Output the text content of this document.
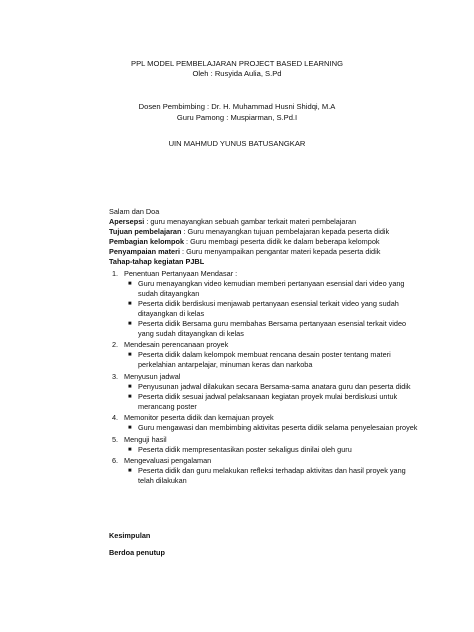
PPL MODEL PEMBELAJARAN PROJECT BASED LEARNING
Oleh : Rusyida Aulia, S.Pd
Dosen Pembimbing : Dr. H. Muhammad Husni Shidqi, M.A
Guru Pamong : Muspiarman, S.Pd.I
UIN MAHMUD YUNUS BATUSANGKAR
Salam dan Doa
Apersepsi : guru menayangkan sebuah gambar terkait materi pembelajaran
Tujuan pembelajaran : Guru menayangkan tujuan pembelajaran kepada peserta didik
Pembagian kelompok : Guru membagi peserta didik ke dalam beberapa kelompok
Penyampaian materi : Guru menyampaikan pengantar materi kepada peserta didik
Tahap-tahap kegiatan PJBL
1. Penentuan Pertanyaan Mendasar :
■ Guru menayangkan video kemudian memberi pertanyaan esensial dari video yang sudah ditayangkan
■ Peserta didik berdiskusi menjawab pertanyaan esensial terkait video yang sudah ditayangkan di kelas
■ Peserta didik Bersama guru membahas Bersama pertanyaan esensial terkait video yang sudah ditayangkan di kelas
2. Mendesain perencanaan proyek
■ Peserta didik dalam kelompok membuat rencana desain poster tentang materi perkelahian antarpelajar, minuman keras dan narkoba
3. Menyusun jadwal
■ Penyusunan jadwal dilakukan secara Bersama-sama anatara guru dan peserta didik
■ Peserta didik sesuai jadwal pelaksanaan kegiatan proyek mulai berdiskusi untuk merancang poster
4. Memonitor peserta didik dan kemajuan proyek
■ Guru mengawasi dan membimbing aktivitas peserta didik selama penyelesaian proyek
5. Menguji hasil
■ Peserta didik mempresentasikan poster sekaligus dinilai oleh guru
6. Mengevaluasi pengalaman
■ Peserta didik dan guru melakukan refleksi terhadap aktivitas dan hasil proyek yang telah dilakukan
Kesimpulan
Berdoa penutup
